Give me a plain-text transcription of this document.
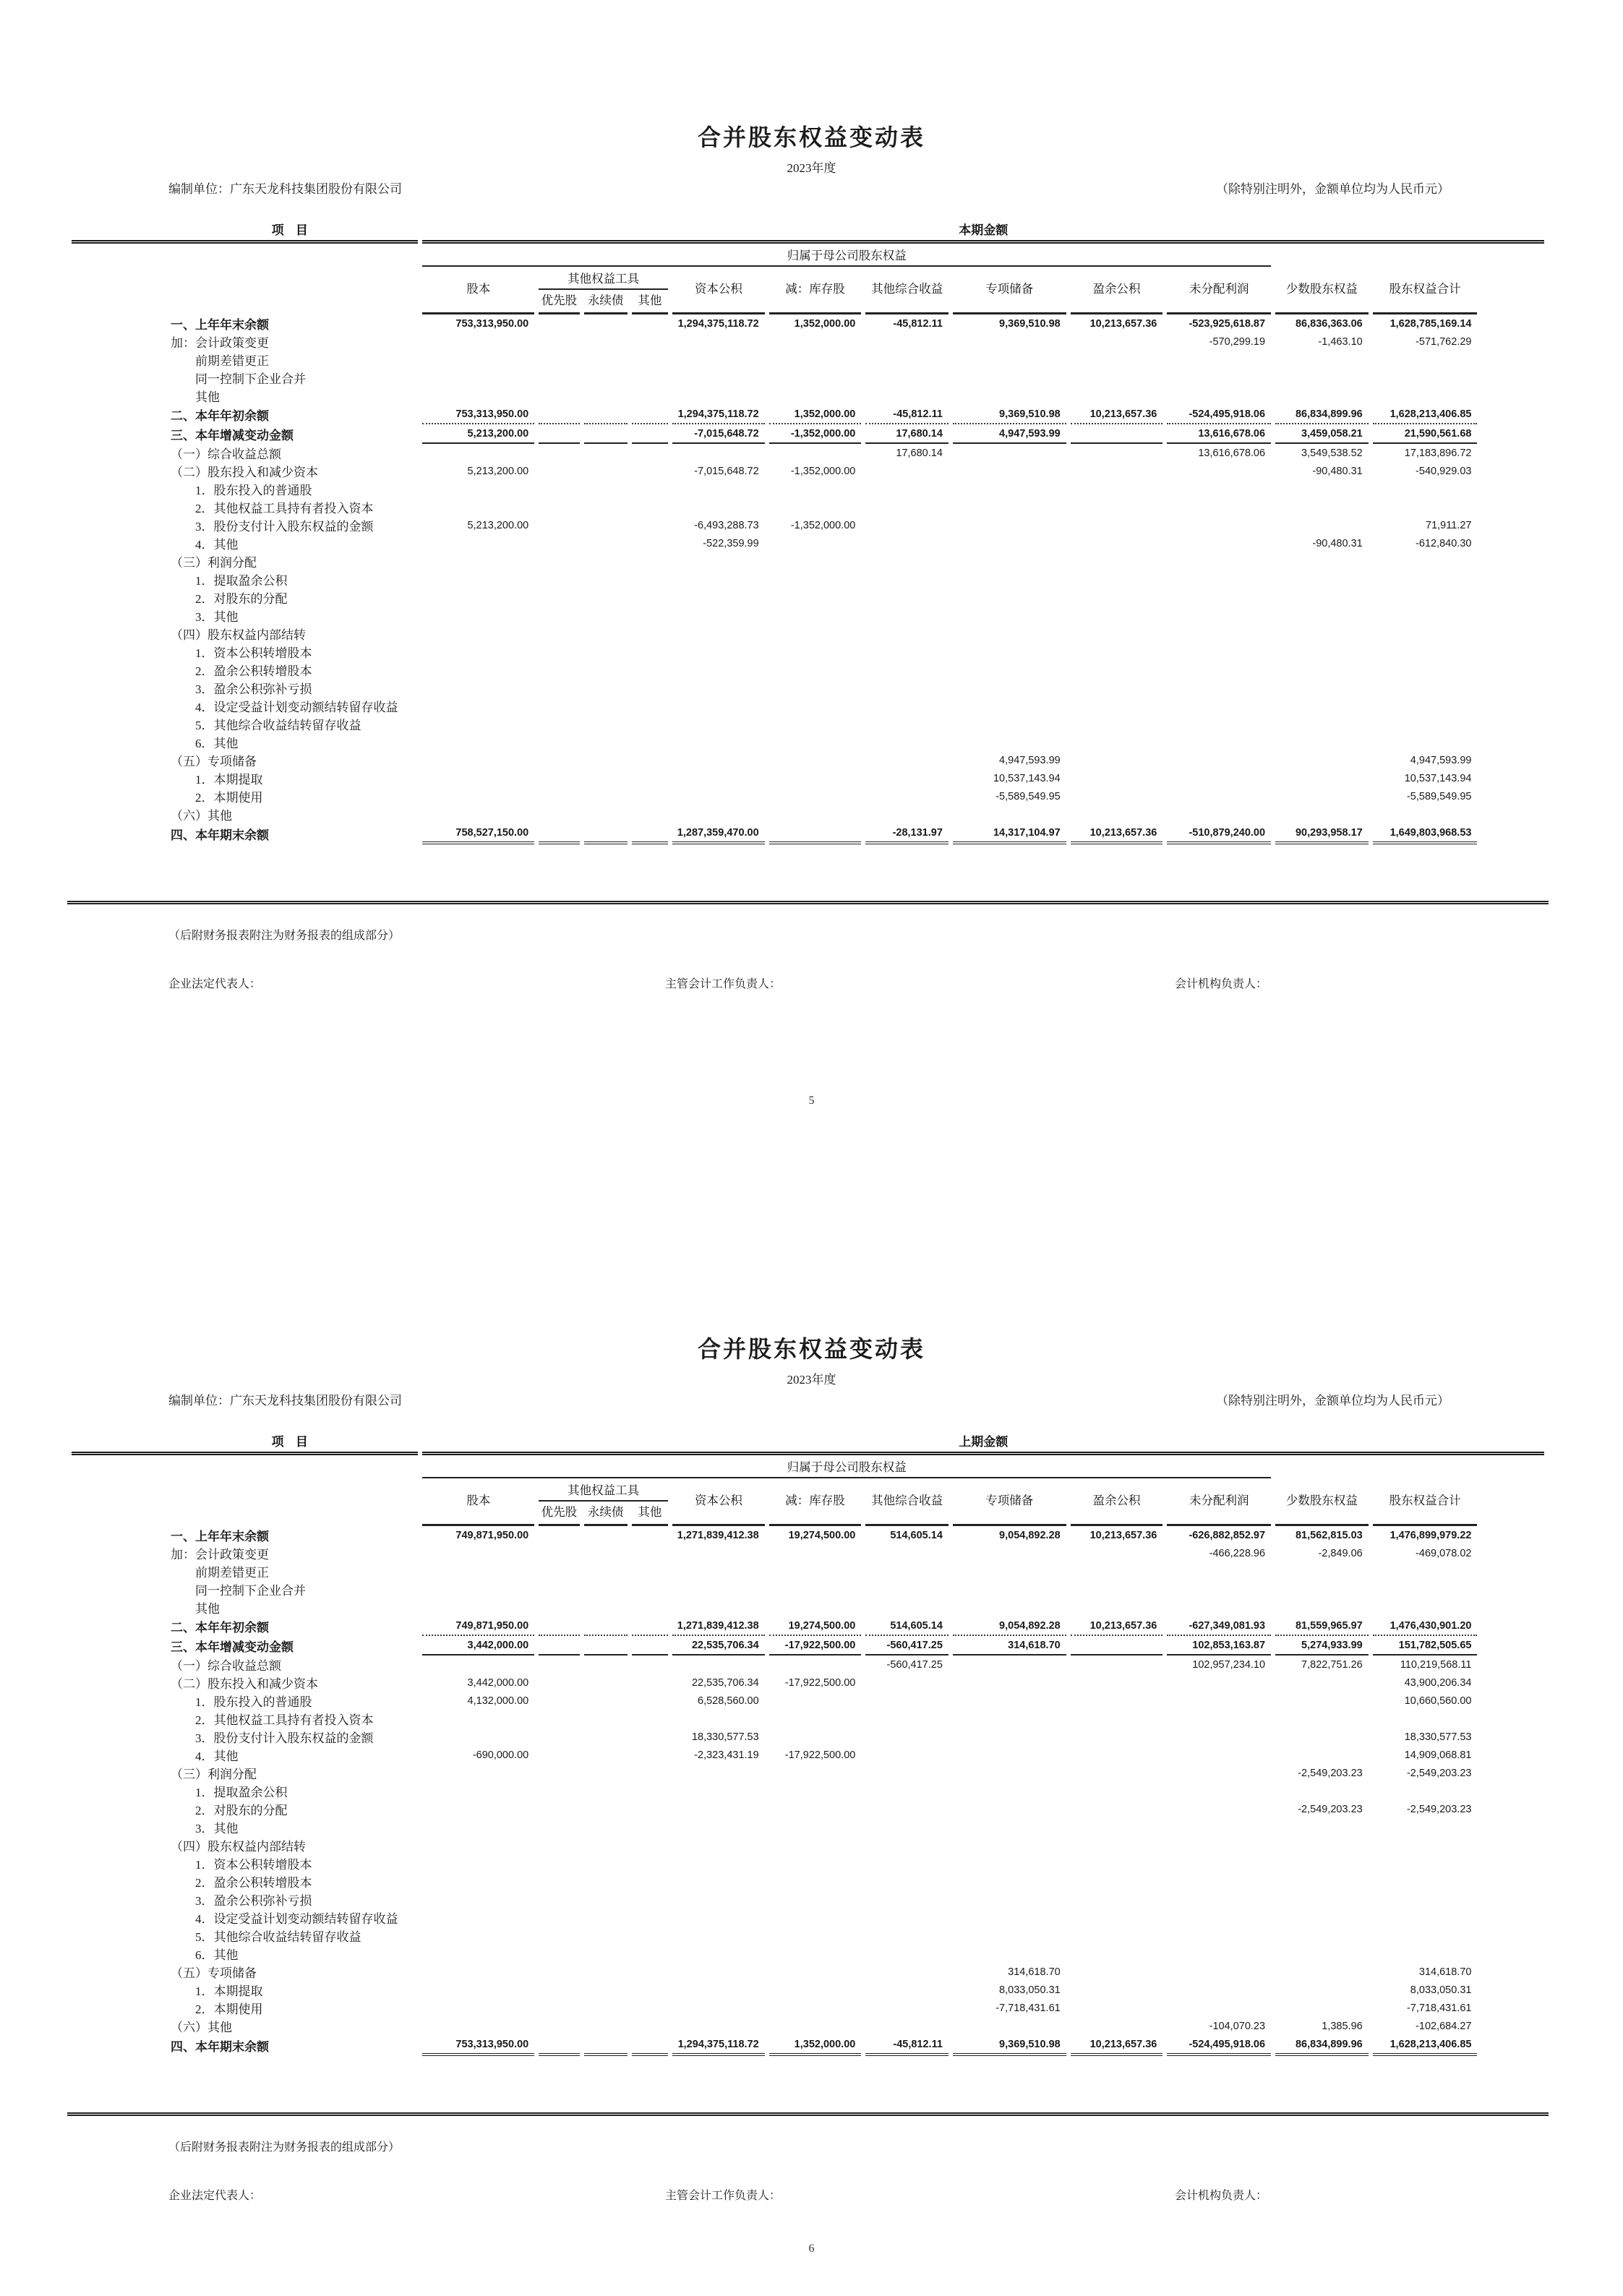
合并股东权益变动表
2023年度
编制单位：广东天龙科技集团股份有限公司	（除特别注明外，金额单位均为人民币元）
项 目	本期金额												
	归属于母公司股东权益												
	股本	其他权益工具			资本公积	减：库存股	其他综合收益	专项储备	盈余公积	未分配利润	少数股东权益	股东权益合计	
		优先股	永续债	其他									

一、上年年末余额	753,313,950.00				1,294,375,118.72	1,352,000.00	-45,812.11	9,369,510.98	10,213,657.36	-523,925,618.87	86,836,363.06	1,628,785,169.14	
加：会计政策变更										-570,299.19	-1,463.10	-571,762.29	
前期差错更正													
同一控制下企业合并													
其他													
二、本年年初余额	753,313,950.00				1,294,375,118.72	1,352,000.00	-45,812.11	9,369,510.98	10,213,657.36	-524,495,918.06	86,834,899.96	1,628,213,406.85	
三、本年增减变动金额	5,213,200.00				-7,015,648.72	-1,352,000.00	17,680.14	4,947,593.99		13,616,678.06	3,459,058.21	21,590,561.68	
（一）综合收益总额							17,680.14			13,616,678.06	3,549,538.52	17,183,896.72	
（二）股东投入和减少资本	5,213,200.00				-7,015,648.72	-1,352,000.00					-90,480.31	-540,929.03	
1．股东投入的普通股													
2．其他权益工具持有者投入资本													
3．股份支付计入股东权益的金额	5,213,200.00				-6,493,288.73	-1,352,000.00						71,911.27	
4．其他					-522,359.99						-90,480.31	-612,840.30	
（三）利润分配													
1．提取盈余公积													
2．对股东的分配													
3．其他													
（四）股东权益内部结转													
1．资本公积转增股本													
2．盈余公积转增股本													
3．盈余公积弥补亏损													
4．设定受益计划变动额结转留存收益													
5．其他综合收益结转留存收益													
6．其他													
（五）专项储备								4,947,593.99				4,947,593.99	
1．本期提取								10,537,143.94				10,537,143.94	
2．本期使用								-5,589,549.95				-5,589,549.95	
（六）其他													
四、本年期末余额	758,527,150.00				1,287,359,470.00		-28,131.97	14,317,104.97	10,213,657.36	-510,879,240.00	90,293,958.17	1,649,803,968.53	
（后附财务报表附注为财务报表的组成部分）
企业法定代表人：	主管会计工作负责人：	会计机构负责人：
5
合并股东权益变动表
2023年度
编制单位：广东天龙科技集团股份有限公司	（除特别注明外，金额单位均为人民币元）
项 目	上期金额												
	归属于母公司股东权益												
	股本	其他权益工具			资本公积	减：库存股	其他综合收益	专项储备	盈余公积	未分配利润	少数股东权益	股东权益合计	
		优先股	永续债	其他									

一、上年年末余额	749,871,950.00				1,271,839,412.38	19,274,500.00	514,605.14	9,054,892.28	10,213,657.36	-626,882,852.97	81,562,815.03	1,476,899,979.22	
加：会计政策变更										-466,228.96	-2,849.06	-469,078.02	
前期差错更正													
同一控制下企业合并													
其他													
二、本年年初余额	749,871,950.00				1,271,839,412.38	19,274,500.00	514,605.14	9,054,892.28	10,213,657.36	-627,349,081.93	81,559,965.97	1,476,430,901.20	
三、本年增减变动金额	3,442,000.00				22,535,706.34	-17,922,500.00	-560,417.25	314,618.70		102,853,163.87	5,274,933.99	151,782,505.65	
（一）综合收益总额							-560,417.25			102,957,234.10	7,822,751.26	110,219,568.11	
（二）股东投入和减少资本	3,442,000.00				22,535,706.34	-17,922,500.00						43,900,206.34	
1．股东投入的普通股	4,132,000.00				6,528,560.00							10,660,560.00	
2．其他权益工具持有者投入资本													
3．股份支付计入股东权益的金额					18,330,577.53							18,330,577.53	
4．其他	-690,000.00				-2,323,431.19	-17,922,500.00						14,909,068.81	
（三）利润分配											-2,549,203.23	-2,549,203.23	
1．提取盈余公积													
2．对股东的分配											-2,549,203.23	-2,549,203.23	
3．其他													
（四）股东权益内部结转													
1．资本公积转增股本													
2．盈余公积转增股本													
3．盈余公积弥补亏损													
4．设定受益计划变动额结转留存收益													
5．其他综合收益结转留存收益													
6．其他													
（五）专项储备								314,618.70				314,618.70	
1．本期提取								8,033,050.31				8,033,050.31	
2．本期使用								-7,718,431.61				-7,718,431.61	
（六）其他										-104,070.23	1,385.96	-102,684.27	
四、本年期末余额	753,313,950.00				1,294,375,118.72	1,352,000.00	-45,812.11	9,369,510.98	10,213,657.36	-524,495,918.06	86,834,899.96	1,628,213,406.85	
（后附财务报表附注为财务报表的组成部分）
企业法定代表人：	主管会计工作负责人：	会计机构负责人：
6
